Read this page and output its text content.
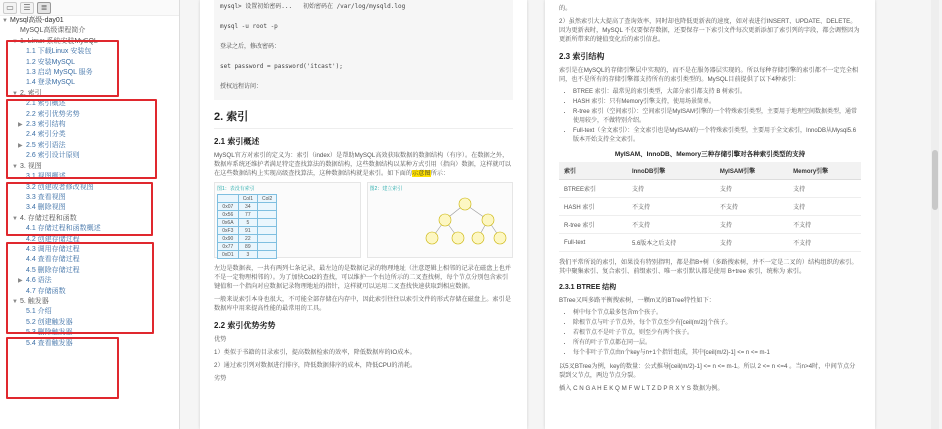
▭	☰	≣
▼ Mysql高级-day01
MySQL高级课程简介
▼ 1. Linux 系统安装MySQL
1.1 下载Linux 安装包
1.2 安装MySQL
1.3 启动 MySQL 服务
1.4 登录MySQL
▼ 2. 索引
2.1 索引概述
2.2 索引优势劣势
▶ 2.3 索引结构
2.4 索引分类
▶ 2.5 索引语法
2.6 索引设计原则
▼ 3. 视图
3.1 视图概述
3.2 创建或者修改视图
3.3 查看视图
3.4 删除视图
▼ 4. 存储过程和函数
4.1 存储过程和函数概述
4.2 创建存储过程
4.3 调用存储过程
4.4 查看存储过程
4.5 删除存储过程
▶ 4.6 语法
4.7 存储函数
▼ 5. 触发器
5.1 介绍
5.2 创建触发器
5.3 删除触发器
5.4 查看触发器

mysql> 设置初始密码...   初始密码在 /var/log/mysqld.log

mysql -u root -p

登录之后，修改密码：

set password = password('itcast');

授权远程访问：

2. 索引
2.1 索引概述
MySQL官方对索引的定义为：索引（index）是帮助MySQL高效获取数据的数据结构（有序）。在数据之外，数据库系统还维护者满足特定查找算法的数据结构，这些数据结构以某种方式引用（指向）数据，这样就可以在这些数据结构上实现高级查找算法，这种数据结构就是索引。如下面的示意图所示：
图1：表没有索引
	Col1	Col2
0x07	34	
0x56	77	
0x6A	5	
0xF3	91	
0x90	22	
0x77	89	
0xD1	3	
图2：建立索引
左边是数据表，一共有两列七条记录，最左边的是数据记录的物理地址（注意逻辑上相邻的记录在磁盘上也并不是一定物理相邻的）。为了加快Col2的查找，可以维护一个右边所示的二叉查找树，每个节点分别包含索引键值和一个指向对应数据记录物理地址的指针，这样就可以运用二叉查找快速获取到相应数据。
一般来说索引本身也很大，不可能全部存储在内存中，因此索引往往以索引文件的形式存储在磁盘上。索引是数据库中用来提高性能的最常用的工具。
2.2 索引优势劣势
优势
1）类似于书籍的目录索引，提高数据检索的效率，降低数据库的IO成本。
2）通过索引列对数据进行排序，降低数据排序的成本，降低CPU的消耗。
劣势
的。
2）虽然索引大大提高了查询效率，同时却也降低更新表的速度，如对表进行INSERT、UPDATE、DELETE。因为更新表时，MySQL 不仅要保存数据，还要保存一下索引文件每次更新添加了索引列的字段，都会调整因为更新所带来的键值变化后的索引信息。
2.3 索引结构
索引是在MySQL的存储引擎层中实现的，而不是在服务器层实现的。所以每种存储引擎的索引都不一定完全相同，也不是所有的存储引擎都支持所有的索引类型的。MySQL目前提供了以下4种索引：
• BTREE 索引：最常见的索引类型，大部分索引都支持 B 树索引。
• HASH 索引：只有Memory引擎支持，使用场景简单。
• R-tree 索引（空间索引）：空间索引是MyISAM引擎的一个特殊索引类型，主要用于地理空间数据类型，通常使用较少，不做特别介绍。
• Full-text（全文索引）：全文索引也是MyISAM的一个特殊索引类型，主要用于全文索引，InnoDB从Mysql5.6版本开始支持全文索引。
MyISAM、InnoDB、Memory三种存储引擎对各种索引类型的支持
索引	InnoDB引擎	MyISAM引擎	Memory引擎
BTREE索引	支持	支持	支持
HASH 索引	不支持	不支持	支持
R-tree 索引	不支持	支持	不支持
Full-text	5.6版本之后支持	支持	不支持
我们平常所说的索引，如果没有特别指明，都是指B+树（多路搜索树，并不一定是二叉的）结构组织的索引。其中聚集索引、复合索引、前缀索引、唯一索引默认都是使用 B+tree 索引，统称为 索引。
2.3.1 BTREE 结构
BTree又叫多路平衡搜索树，一颗m叉的BTree特性如下：
• 树中每个节点最多包含m个孩子。
• 除根节点与叶子节点外，每个节点至少有[ceil(m/2)]个孩子。
• 若根节点不是叶子节点，则至少有两个孩子。
• 所有的叶子节点都在同一层。
• 每个非叶子节点由n个key与n+1个指针组成，其中[ceil(m/2)-1] <= n <= m-1
以5叉BTree为例，key的数量：公式推导[ceil(m/2)-1] <= n <= m-1。所以 2 <= n <=4 。当n>4时，中间节点分裂到父节点，两边节点分裂。
插入 C N G A H E K Q M F W L T Z D P R X Y S 数据为例。
